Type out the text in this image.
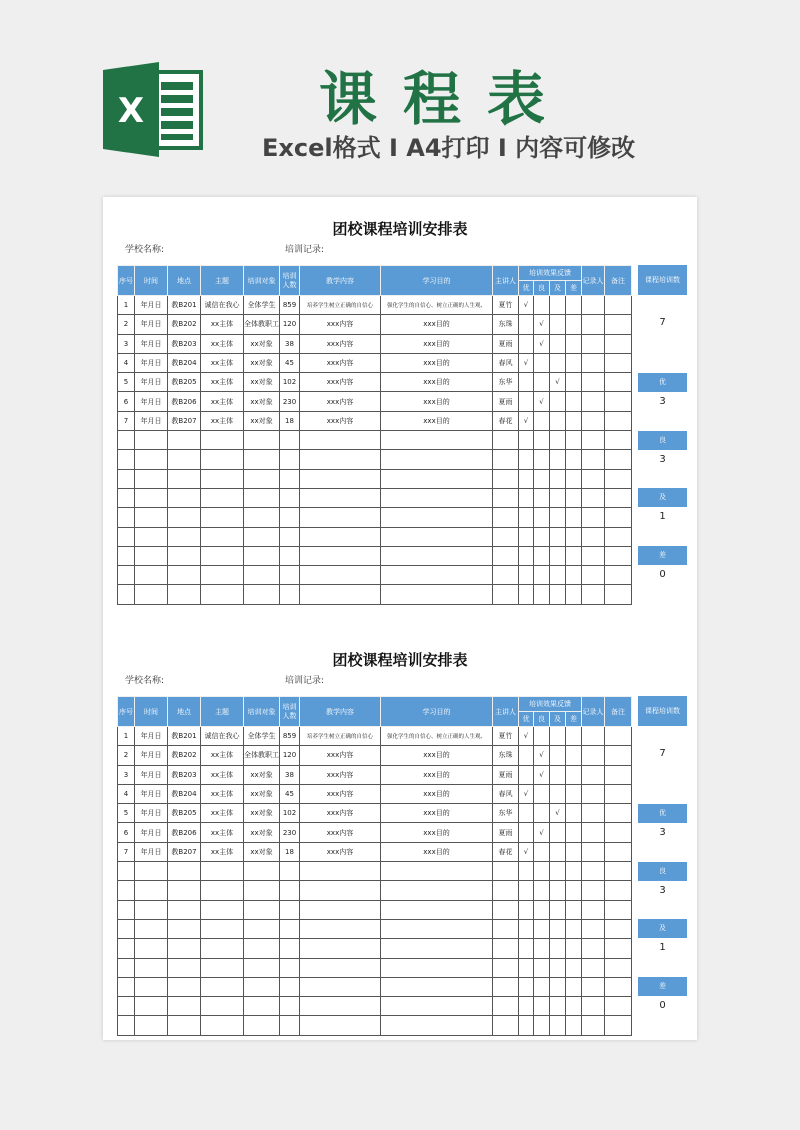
X	课程表
Excel格式 I A4打印 I 内容可修改
团校课程培训安排表
学校名称:	培训记录:
序号	时间	地点	主题	培训对象	培训人数	教学内容	学习目的	主讲人	培训效果反馈				记录人	备注
									优	良	及	差		
1	年月日	教B201	诚信在我心	全体学生	859	培养学生树立正确的自信心	强化学生的自信心、树立正确的人生观、	夏竹	√					
2	年月日	教B202	xx主体	全体教职工	120	xxx内容	xxx目的	东珠		√				
3	年月日	教B203	xx主体	xx对象	38	xxx内容	xxx目的	夏雨		√				
4	年月日	教B204	xx主体	xx对象	45	xxx内容	xxx目的	春风	√					
5	年月日	教B205	xx主体	xx对象	102	xxx内容	xxx目的	东华			√			
6	年月日	教B206	xx主体	xx对象	230	xxx内容	xxx目的	夏雨		√				
7	年月日	教B207	xx主体	xx对象	18	xxx内容	xxx目的	春花	√					

课程培训数
7
优
3
良
3
及
1
差
0
团校课程培训安排表
学校名称:	培训记录:
序号	时间	地点	主题	培训对象	培训人数	教学内容	学习目的	主讲人	培训效果反馈				记录人	备注
									优	良	及	差		
1	年月日	教B201	诚信在我心	全体学生	859	培养学生树立正确的自信心	强化学生的自信心、树立正确的人生观、	夏竹	√					
2	年月日	教B202	xx主体	全体教职工	120	xxx内容	xxx目的	东珠		√				
3	年月日	教B203	xx主体	xx对象	38	xxx内容	xxx目的	夏雨		√				
4	年月日	教B204	xx主体	xx对象	45	xxx内容	xxx目的	春风	√					
5	年月日	教B205	xx主体	xx对象	102	xxx内容	xxx目的	东华			√			
6	年月日	教B206	xx主体	xx对象	230	xxx内容	xxx目的	夏雨		√				
7	年月日	教B207	xx主体	xx对象	18	xxx内容	xxx目的	春花	√					

课程培训数
7
优
3
良
3
及
1
差
0
